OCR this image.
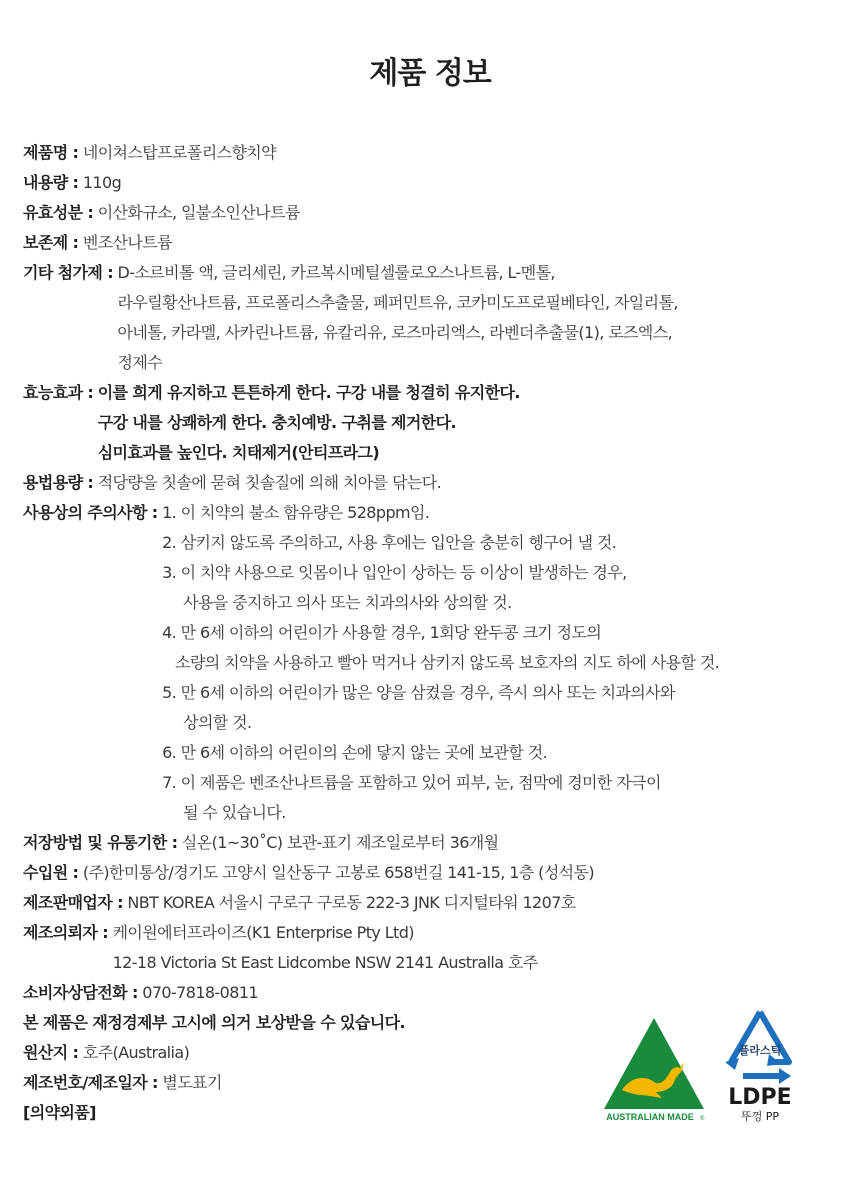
제품 정보
제품명 :
네이쳐스탑프로폴리스향치약
내용량 :
110g
유효성분 :
이산화규소, 일불소인산나트륨
보존제 :
벤조산나트륨
기타 첨가제 :
D-소르비톨 액, 글리세린, 카르복시메틸셀룰로오스나트륨, L-멘톨,
라우릴황산나트륨, 프로폴리스추출물, 페퍼민트유, 코카미도프로필베타인, 자일리톨,
아네톨, 카라멜, 사카린나트륨, 유칼리유, 로즈마리엑스, 라벤더추출물(1), 로즈엑스,
정제수
효능효과 :
이를 희게 유지하고 튼튼하게 한다. 구강 내를 청결히 유지한다.
구강 내를 상쾌하게 한다. 충치예방. 구취를 제거한다.
심미효과를 높인다. 치태제거(안티프라그)
용법용량 :
적당량을 칫솔에 묻혀 칫솔질에 의해 치아를 닦는다.
사용상의 주의사항 :
1. 이 치약의 불소 함유량은 528ppm임.
2. 삼키지 않도록 주의하고, 사용 후에는 입안을 충분히 헹구어 낼 것.
3. 이 치약 사용으로 잇몸이나 입안이 상하는 등 이상이 발생하는 경우,
사용을 중지하고 의사 또는 치과의사와 상의할 것.
4. 만 6세 이하의 어린이가 사용할 경우, 1회당 완두콩 크기 정도의
소량의 치약을 사용하고 빨아 먹거나 삼키지 않도록 보호자의 지도 하에 사용할 것.
5. 만 6세 이하의 어린이가 많은 양을 삼켰을 경우, 즉시 의사 또는 치과의사와
상의할 것.
6. 만 6세 이하의 어린이의 손에 닿지 않는 곳에 보관할 것.
7. 이 제품은 벤조산나트륨을 포함하고 있어 피부, 눈, 점막에 경미한 자극이
될 수 있습니다.
저장방법 및 유통기한 :
실온(1~30˚C) 보관-표기 제조일로부터 36개월
수입원 :
(주)한미통상/경기도 고양시 일산동구 고봉로 658번길 141-15, 1층 (성석동)
제조판매업자 :
NBT KOREA 서울시 구로구 구로동 222-3 JNK 디지털타워 1207호
제조의뢰자 :
케이원에터프라이즈(K1 Enterprise Pty Ltd)
12-18 Victoria St East Lidcombe NSW 2141 Australla 호주
소비자상담전화 :
070-7818-0811
본 제품은 재정경제부 고시에 의거 보상받을 수 있습니다.
원산지 :
호주(Australia)
제조번호/제조일자 :
별도표기
[의약외품]	AUSTRALIAN MADE ®
플라스틱
LDPE
뚜껑 PP
